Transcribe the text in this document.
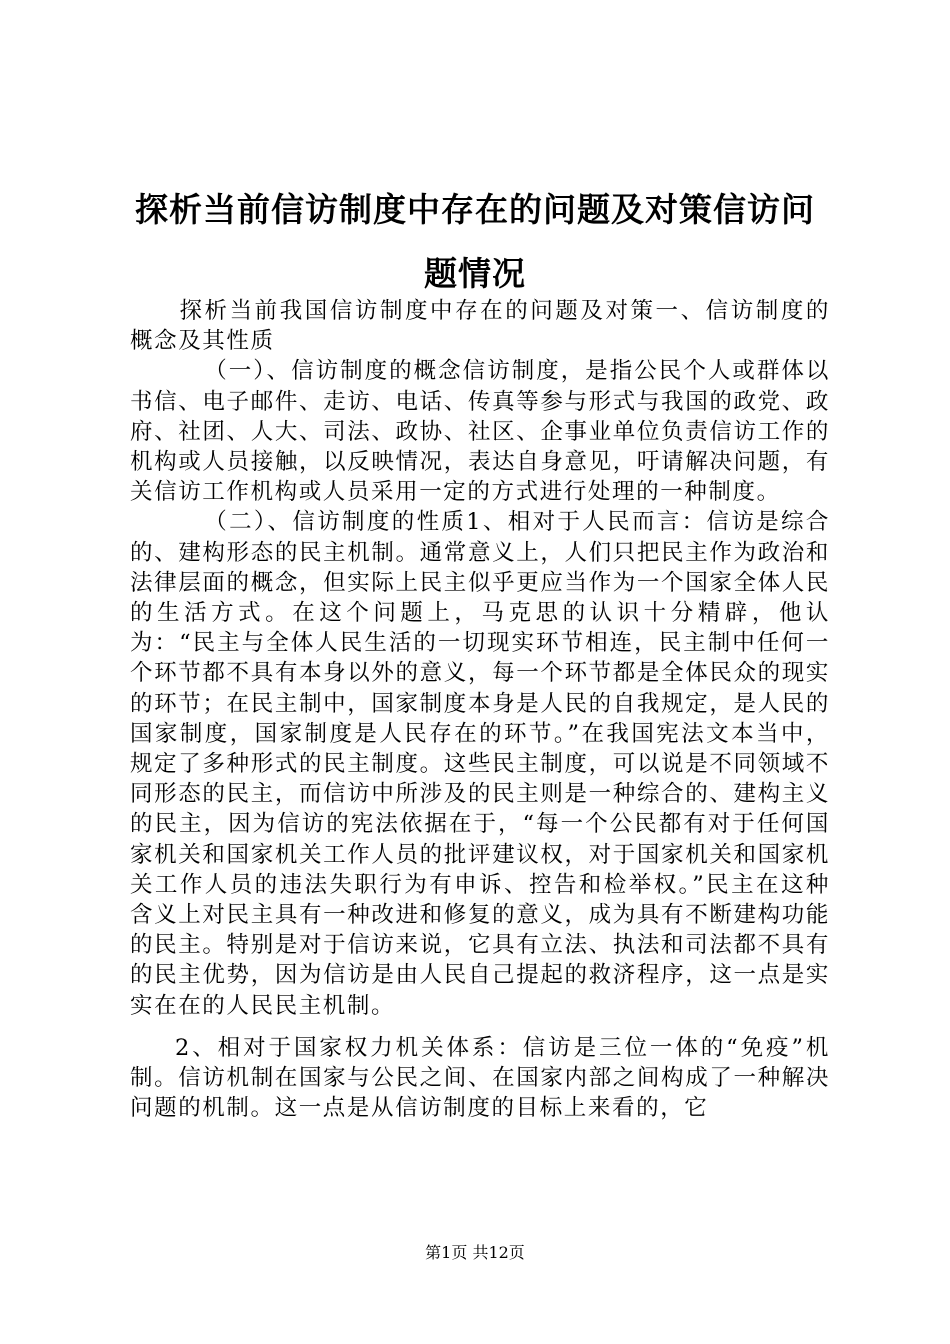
探析当前信访制度中存在的问题及对策信访问题情况

探析当前我国信访制度中存在的问题及对策一、信访制度的概念及其性质

（一）、信访制度的概念信访制度，是指公民个人或群体以书信、电子邮件、走访、电话、传真等参与形式与我国的政党、政府、社团、人大、司法、政协、社区、企事业单位负责信访工作的机构或人员接触，以反映情况，表达自身意见，吁请解决问题，有关信访工作机构或人员采用一定的方式进行处理的一种制度。

（二）、信访制度的性质1、相对于人民而言：信访是综合的、建构形态的民主机制。通常意义上，人们只把民主作为政治和法律层面的概念，但实际上民主似乎更应当作为一个国家全体人民的生活方式。在这个问题上，马克思的认识十分精辟，他认为：“民主与全体人民生活的一切现实环节相连，民主制中任何一个环节都不具有本身以外的意义，每一个环节都是全体民众的现实的环节；在民主制中，国家制度本身是人民的自我规定，是人民的国家制度，国家制度是人民存在的环节。”在我国宪法文本当中，规定了多种形式的民主制度。这些民主制度，可以说是不同领域不同形态的民主，而信访中所涉及的民主则是一种综合的、建构主义的民主，因为信访的宪法依据在于，“每一个公民都有对于任何国家机关和国家机关工作人员的批评建议权，对于国家机关和国家机关工作人员的违法失职行为有申诉、控告和检举权。”民主在这种含义上对民主具有一种改进和修复的意义，成为具有不断建构功能的民主。特别是对于信访来说，它具有立法、执法和司法都不具有的民主优势，因为信访是由人民自己提起的救济程序，这一点是实实在在的人民民主机制。

2、相对于国家权力机关体系：信访是三位一体的“免疫”机制。信访机制在国家与公民之间、在国家内部之间构成了一种解决问题的机制。这一点是从信访制度的目标上来看的，它

第1页 共12页
